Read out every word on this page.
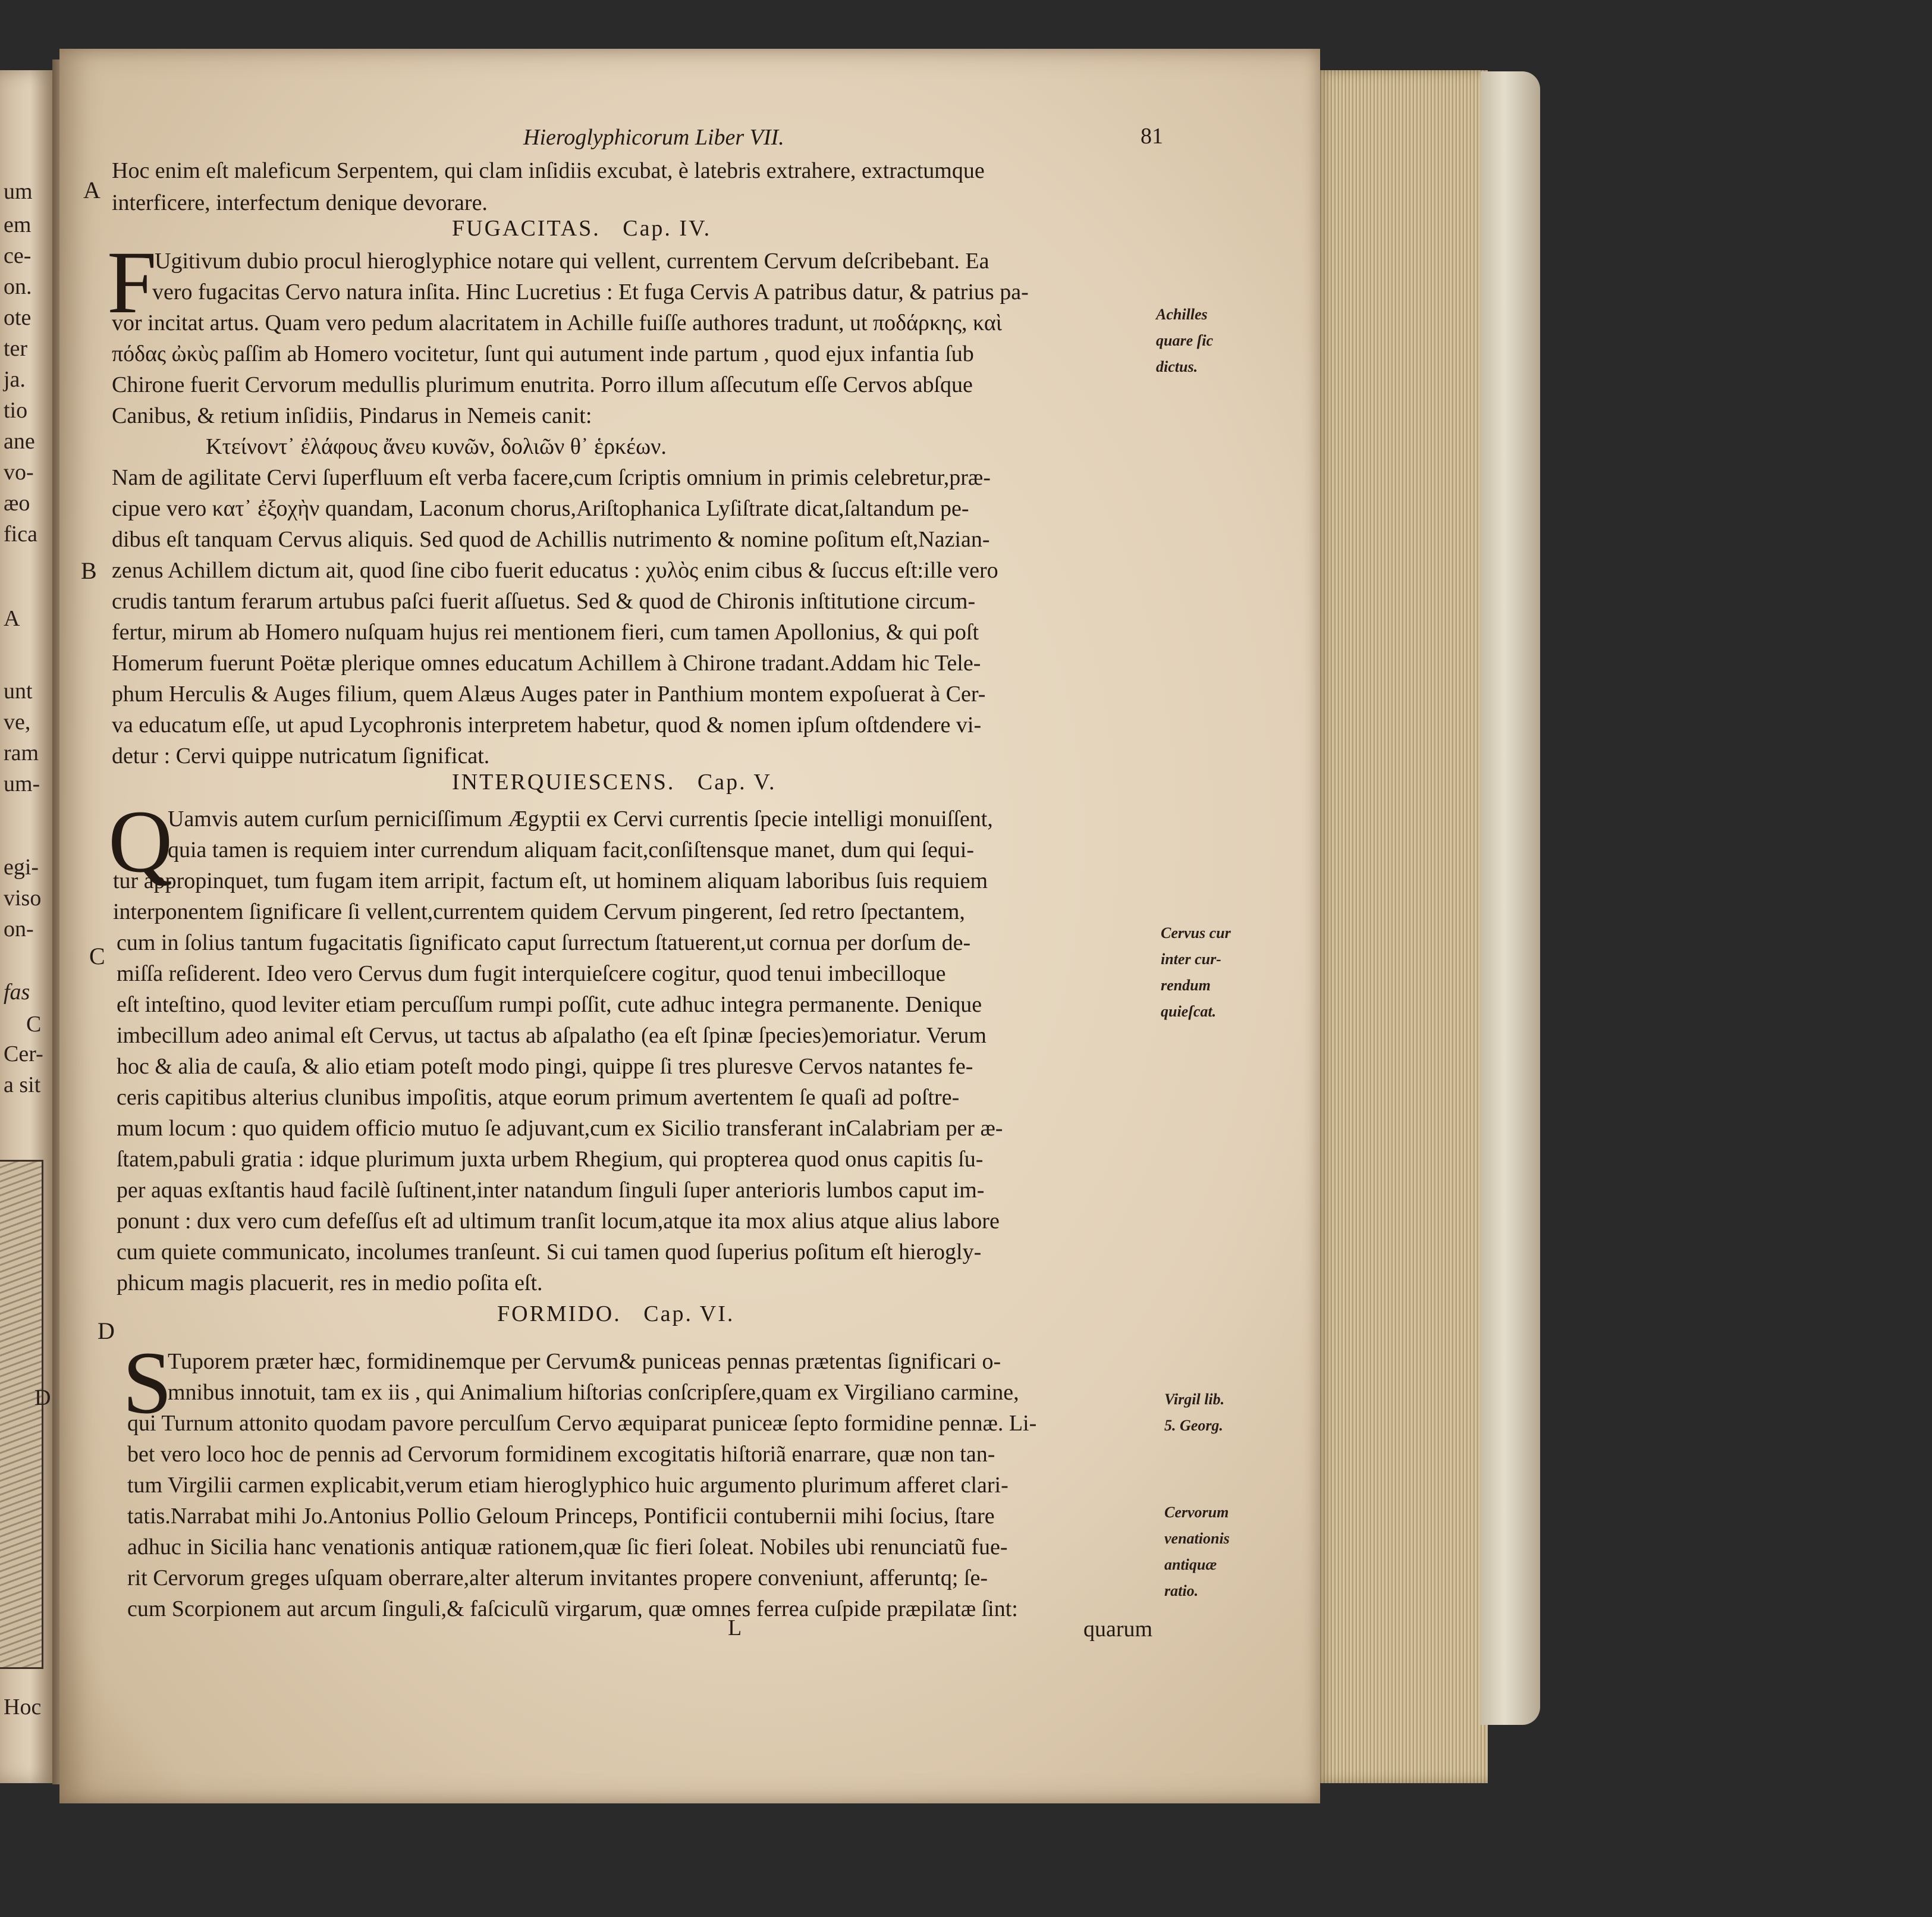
um
em
ce-
on.
ote
ter
ja.
tio
ane
vo-
æo
fica
A
unt
ve,
ram
um-
egi-
viso
on-
fas
C
Cer-
a sit
D
Hoc
Hieroglyphicorum Liber VII.	81
A
Hoc enim eſt maleficum Serpentem, qui clam inſidiis excubat, è latebris extrahere, extractumque
interficere, interfectum denique devorare.
FUGACITAS. Cap. IV.
F
Ugitivum dubio procul hieroglyphice notare qui vellent, currentem Cervum deſcribebant. Ea
vero fugacitas Cervo natura inſita. Hinc Lucretius : Et fuga Cervis A patribus datur, & patrius pa-
vor incitat artus. Quam vero pedum alacritatem in Achille fuiſſe authores tradunt, ut ποδάρκης, καὶ
πόδας ὠκὺς paſſim ab Homero vocitetur, ſunt qui autument inde partum , quod ejux infantia ſub
Chirone fuerit Cervorum medullis plurimum enutrita. Porro illum aſſecutum eſſe Cervos abſque
Canibus, & retium inſidiis, Pindarus in Nemeis canit:
Κτείνοντ᾽ ἐλάφους ἄνευ κυνῶν, δολιῶν θ᾽ ἑρκέων.
Nam de agilitate Cervi ſuperfluum eſt verba facere,cum ſcriptis omnium in primis celebretur,præ-
cipue vero κατ᾽ ἐξοχὴν quandam, Laconum chorus,Ariſtophanica Lyſiſtrate dicat,ſaltandum pe-
dibus eſt tanquam Cervus aliquis. Sed quod de Achillis nutrimento & nomine poſitum eſt,Nazian-
B zenus Achillem dictum ait, quod ſine cibo fuerit educatus : χυλὸς enim cibus & ſuccus eſt:ille vero
crudis tantum ferarum artubus paſci fuerit aſſuetus. Sed & quod de Chironis inſtitutione circum-
fertur, mirum ab Homero nuſquam hujus rei mentionem fieri, cum tamen Apollonius, & qui poſt
Homerum fuerunt Poëtæ plerique omnes educatum Achillem à Chirone tradant.Addam hic Tele-
phum Herculis & Auges filium, quem Alæus Auges pater in Panthium montem expoſuerat à Cer-
va educatum eſſe, ut apud Lycophronis interpretem habetur, quod & nomen ipſum oſtdendere vi-
detur : Cervi quippe nutricatum ſignificat.
Achilles
quare ſic
dictus.
INTERQUIESCENS. Cap. V.
Q
Uamvis autem curſum perniciſſimum Ægyptii ex Cervi currentis ſpecie intelligi monuiſſent,
quia tamen is requiem inter currendum aliquam facit,conſiſtensque manet, dum qui ſequi-
tur appropinquet, tum fugam item arripit, factum eſt, ut hominem aliquam laboribus ſuis requiem
interponentem ſignificare ſi vellent,currentem quidem Cervum pingerent, ſed retro ſpectantem,
C cum in ſolius tantum fugacitatis ſignificato caput ſurrectum ſtatuerent,ut cornua per dorſum de-
miſſa reſiderent. Ideo vero Cervus dum fugit interquieſcere cogitur, quod tenui imbecilloque
eſt inteſtino, quod leviter etiam percuſſum rumpi poſſit, cute adhuc integra permanente. Denique
imbecillum adeo animal eſt Cervus, ut tactus ab aſpalatho (ea eſt ſpinæ ſpecies)emoriatur. Verum
hoc & alia de cauſa, & alio etiam poteſt modo pingi, quippe ſi tres pluresve Cervos natantes fe-
ceris capitibus alterius clunibus impoſitis, atque eorum primum avertentem ſe quaſi ad poſtre-
mum locum : quo quidem officio mutuo ſe adjuvant,cum ex Sicilio transferant inCalabriam per æ-
ſtatem,pabuli gratia : idque plurimum juxta urbem Rhegium, qui propterea quod onus capitis ſu-
per aquas exſtantis haud facilè ſuſtinent,inter natandum ſinguli ſuper anterioris lumbos caput im-
ponunt : dux vero cum defeſſus eſt ad ultimum tranſit locum,atque ita mox alius atque alius labore
cum quiete communicato, incolumes tranſeunt. Si cui tamen quod ſuperius poſitum eſt hierogly-
phicum magis placuerit, res in medio poſita eſt.
Cervus cur
inter cur-
rendum
quieſcat.
FORMIDO. Cap. VI.
D
S
Tuporem præter hæc, formidinemque per Cervum& puniceas pennas prætentas ſignificari o-
mnibus innotuit, tam ex iis , qui Animalium hiſtorias conſcripſere,quam ex Virgiliano carmine,
qui Turnum attonito quodam pavore perculſum Cervo æquiparat puniceæ ſepto formidine pennæ. Li-
bet vero loco hoc de pennis ad Cervorum formidinem excogitatis hiſtoriã enarrare, quæ non tan-
tum Virgilii carmen explicabit,verum etiam hieroglyphico huic argumento plurimum afferet clari-
tatis.Narrabat mihi Jo.Antonius Pollio Geloum Princeps, Pontificii contubernii mihi ſocius, ſtare
adhuc in Sicilia hanc venationis antiquæ rationem,quæ ſic fieri ſoleat. Nobiles ubi renunciatũ fue-
rit Cervorum greges uſquam oberrare,alter alterum invitantes propere conveniunt, afferuntq; ſe-
cum Scorpionem aut arcum ſinguli,& faſciculũ virgarum, quæ omnes ferrea cuſpide præpilatæ ſint:
Virgil lib.
5. Georg.
Cervorum
venationis
antiquæ
ratio.
L	quarum
